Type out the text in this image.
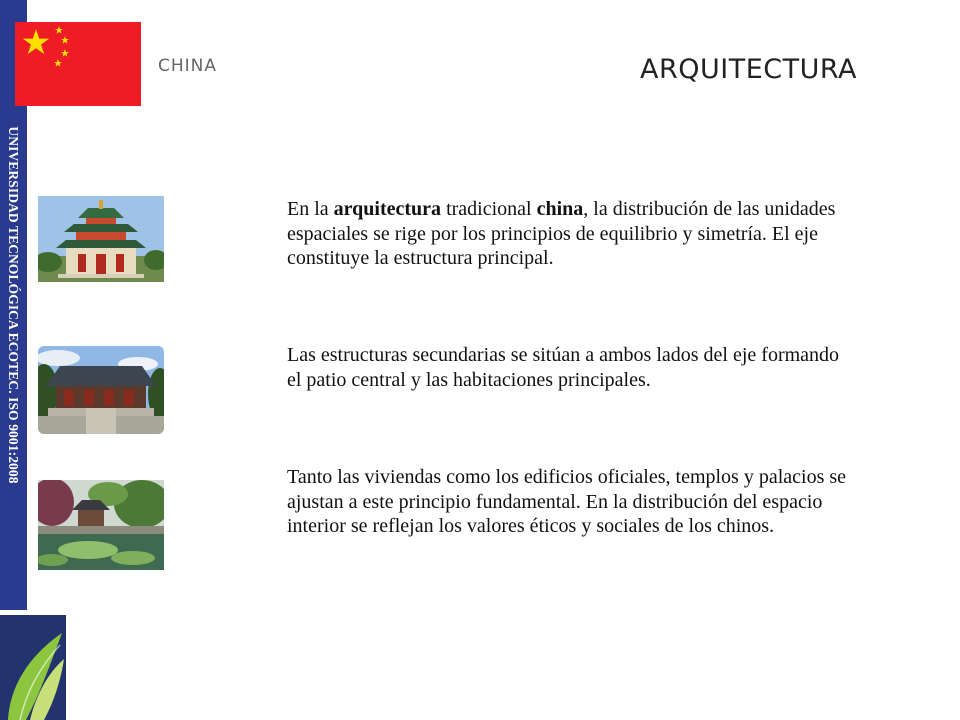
UNIVERSIDAD TECNOLÓGICA ECOTEC. ISO 9001:2008
CHINA	ARQUITECTURA

En la arquitectura tradicional china, la distribución de las unidades espaciales se rige por los principios de equilibrio y simetría. El eje constituye la estructura principal.

Las estructuras secundarias se sitúan a ambos lados del eje formando el patio central y las habitaciones principales.

Tanto las viviendas como los edificios oficiales, templos y palacios se ajustan a este principio fundamental. En la distribución del espacio interior se reflejan los valores éticos y sociales de los chinos.
